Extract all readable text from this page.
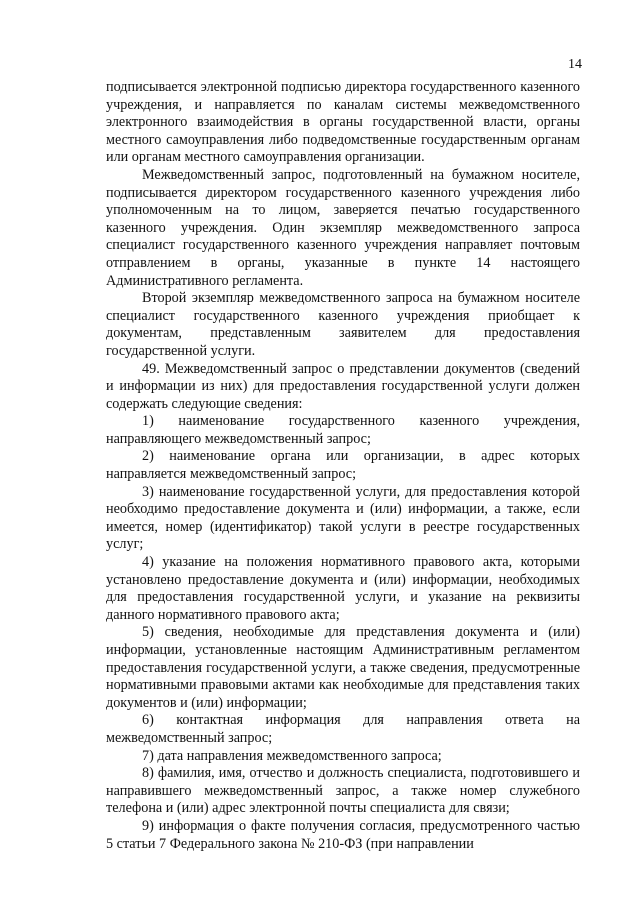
14

подписывается электронной подписью директора государственного казенного учреждения, и направляется по каналам системы межведомственного электронного взаимодействия в органы государственной власти, органы местного самоуправления либо подведомственные государственным органам или органам местного самоуправления организации.

Межведомственный запрос, подготовленный на бумажном носителе, подписывается директором государственного казенного учреждения либо уполномоченным на то лицом, заверяется печатью государственного казенного учреждения. Один экземпляр межведомственного запроса специалист государственного казенного учреждения направляет почтовым отправлением в органы, указанные в пункте 14 настоящего Административного регламента.

Второй экземпляр межведомственного запроса на бумажном носителе специалист государственного казенного учреждения приобщает к документам, представленным заявителем для предоставления государственной услуги.

49. Межведомственный запрос о представлении документов (сведений и информации из них) для предоставления государственной услуги должен содержать следующие сведения:

1) наименование государственного казенного учреждения, направляющего межведомственный запрос;

2) наименование органа или организации, в адрес которых направляется межведомственный запрос;

3) наименование государственной услуги, для предоставления которой необходимо предоставление документа и (или) информации, а также, если имеется, номер (идентификатор) такой услуги в реестре государственных услуг;

4) указание на положения нормативного правового акта, которыми установлено предоставление документа и (или) информации, необходимых для предоставления государственной услуги, и указание на реквизиты данного нормативного правового акта;

5) сведения, необходимые для представления документа и (или) информации, установленные настоящим Административным регламентом предоставления государственной услуги, а также сведения, предусмотренные нормативными правовыми актами как необходимые для представления таких документов и (или) информации;

6) контактная информация для направления ответа на межведомственный запрос;

7) дата направления межведомственного запроса;

8) фамилия, имя, отчество и должность специалиста, подготовившего и направившего межведомственный запрос, а также номер служебного телефона и (или) адрес электронной почты специалиста для связи;

9) информация о факте получения согласия, предусмотренного частью 5 статьи 7 Федерального закона № 210-ФЗ (при направлении
